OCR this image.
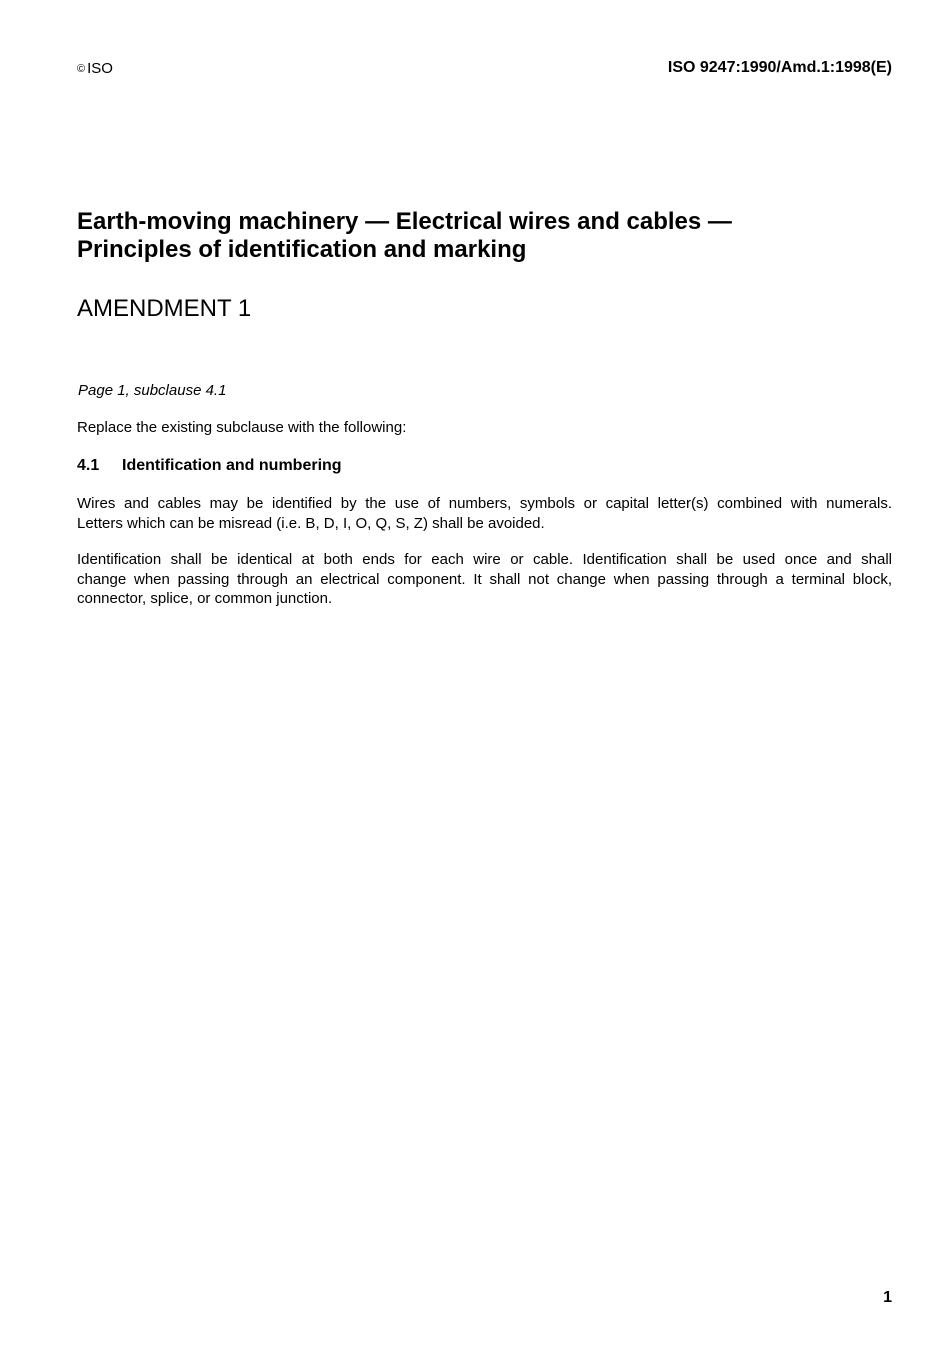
© ISO	ISO 9247:1990/Amd.1:1998(E)
Earth-moving machinery — Electrical wires and cables —
Principles of identification and marking
AMENDMENT 1
Page 1, subclause 4.1
Replace the existing subclause with the following:
4.1 Identification and numbering

Wires and cables may be identified by the use of numbers, symbols or capital letter(s) combined with numerals.
Letters which can be misread (i.e. B, D, I, O, Q, S, Z) shall be avoided.

Identification shall be identical at both ends for each wire or cable. Identification shall be used once and shall
change when passing through an electrical component. It shall not change when passing through a terminal block,
connector, splice, or common junction.

1
